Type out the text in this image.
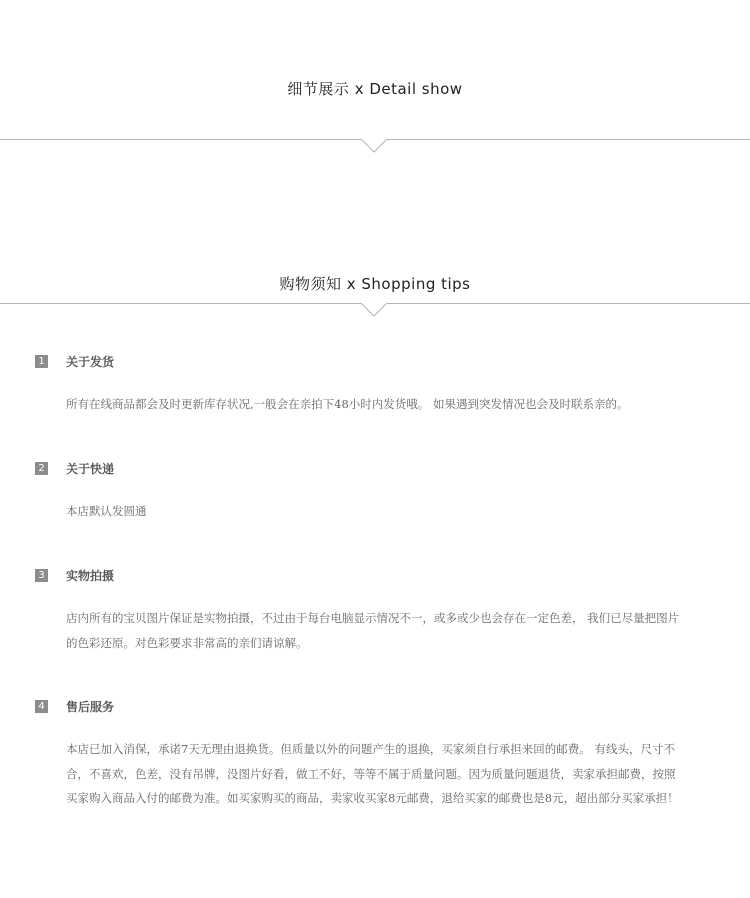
细节展示 x Detail show
购物须知 x Shopping tips
1 关于发货

所有在线商品都会及时更新库存状况,一般会在亲拍下48小时内发货哦。 如果遇到突发情况也会及时联系亲的。

2 关于快递

本店默认发圆通

3 实物拍摄

店内所有的宝贝图片保证是实物拍摄，不过由于每台电脑显示情况不一，或多或少也会存在一定色差， 我们已尽量把图片的色彩还原。对色彩要求非常高的亲们请谅解。

4 售后服务

本店已加入消保，承诺7天无理由退换货。但质量以外的问题产生的退换，买家须自行承担来回的邮费。 有线头，尺寸不合，不喜欢，色差，没有吊牌，没图片好看，做工不好，等等不属于质量问题。因为质量问题退货，卖家承担邮费，按照买家购入商品入付的邮费为准。如买家购买的商品，卖家收买家8元邮费，退给买家的邮费也是8元，超出部分买家承担！
